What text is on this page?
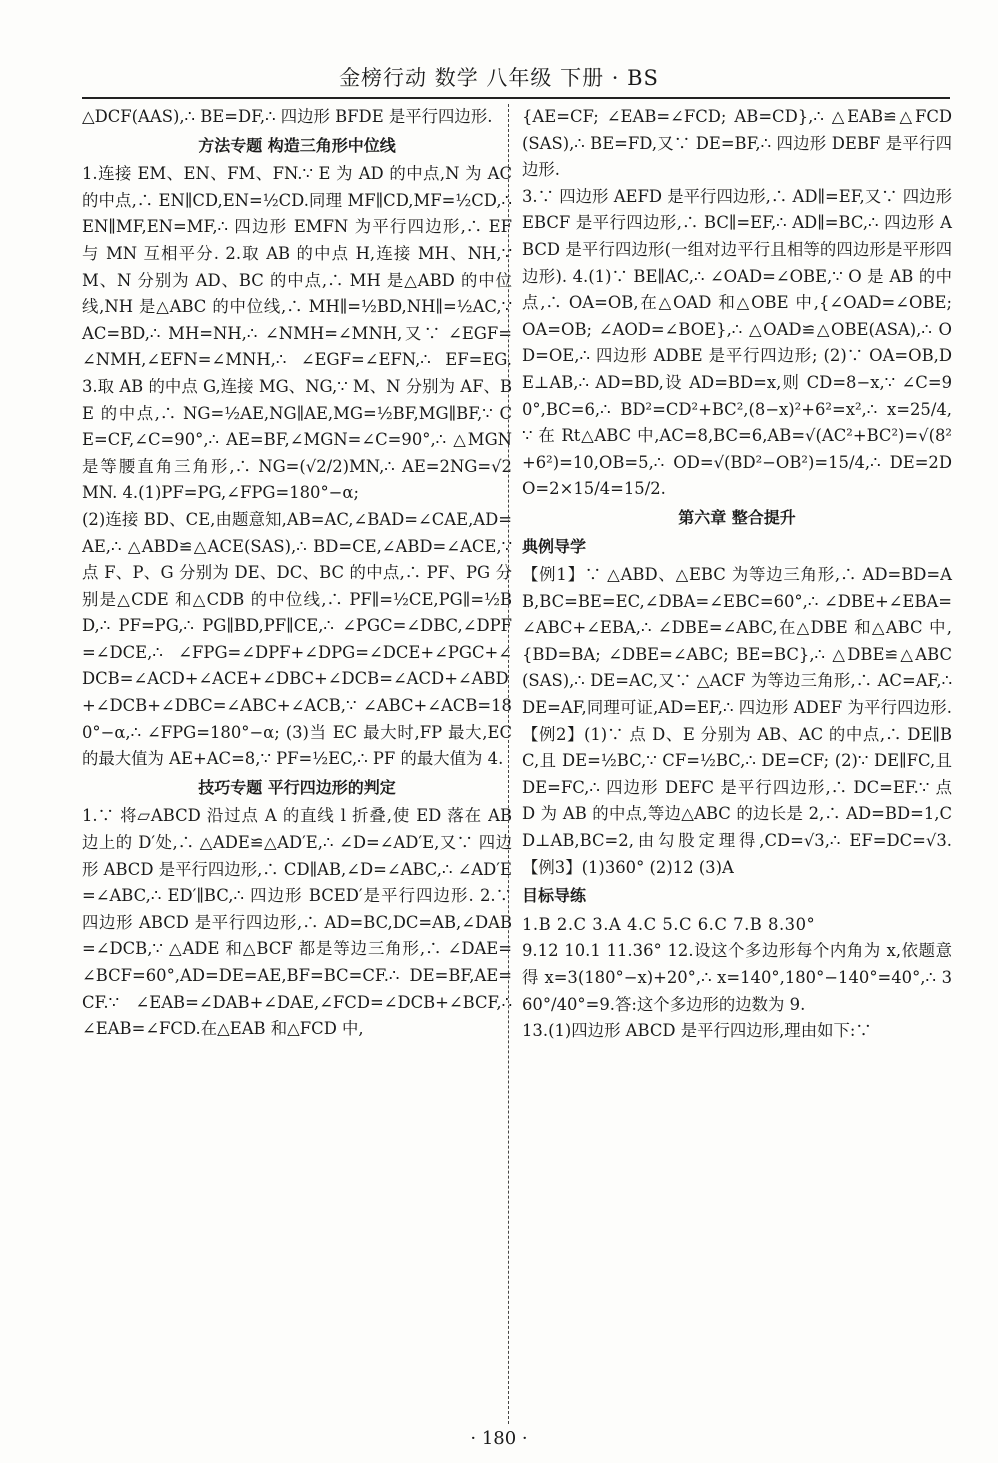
金榜行动 数学 八年级 下册 · BS

△DCF(AAS),∴ BE=DF,∴ 四边形 BFDE 是平行四边形.

方法专题 构造三角形中位线

1.连接 EM、EN、FM、FN.∵ E 为 AD 的中点,N 为 AC 的中点,∴ EN∥CD,EN=½CD.同理 MF∥CD,MF=½CD,∴ EN∥MF,EN=MF,∴ 四边形 EMFN 为平行四边形,∴ EF 与 MN 互相平分. 2.取 AB 的中点 H,连接 MH、NH,∵ M、N 分别为 AD、BC 的中点,∴ MH 是△ABD 的中位线,NH 是△ABC 的中位线,∴ MH∥=½BD,NH∥=½AC,∵ AC=BD,∴ MH=NH,∴ ∠NMH=∠MNH,又∵ ∠EGF=∠NMH,∠EFN=∠MNH,∴ ∠EGF=∠EFN,∴ EF=EG. 3.取 AB 的中点 G,连接 MG、NG,∵ M、N 分别为 AF、BE 的中点,∴ NG=½AE,NG∥AE,MG=½BF,MG∥BF,∵ CE=CF,∠C=90°,∴ AE=BF,∠MGN=∠C=90°,∴ △MGN 是等腰直角三角形,∴ NG=(√2/2)MN,∴ AE=2NG=√2 MN. 4.(1)PF=PG,∠FPG=180°−α;

(2)连接 BD、CE,由题意知,AB=AC,∠BAD=∠CAE,AD=AE,∴ △ABD≌△ACE(SAS),∴ BD=CE,∠ABD=∠ACE,∵ 点 F、P、G 分别为 DE、DC、BC 的中点,∴ PF、PG 分别是△CDE 和△CDB 的中位线,∴ PF∥=½CE,PG∥=½BD,∴ PF=PG,∴ PG∥BD,PF∥CE,∴ ∠PGC=∠DBC,∠DPF=∠DCE,∴ ∠FPG=∠DPF+∠DPG=∠DCE+∠PGC+∠DCB=∠ACD+∠ACE+∠DBC+∠DCB=∠ACD+∠ABD+∠DCB+∠DBC=∠ABC+∠ACB,∵ ∠ABC+∠ACB=180°−α,∴ ∠FPG=180°−α; (3)当 EC 最大时,FP 最大,EC 的最大值为 AE+AC=8,∵ PF=½EC,∴ PF 的最大值为 4.

技巧专题 平行四边形的判定

1.∵ 将▱ABCD 沿过点 A 的直线 l 折叠,使 ED 落在 AB 边上的 D′处,∴ △ADE≌△AD′E,∴ ∠D=∠AD′E,又∵ 四边形 ABCD 是平行四边形,∴ CD∥AB,∠D=∠ABC,∴ ∠AD′E=∠ABC,∴ ED′∥BC,∴ 四边形 BCED′是平行四边形. 2.∵ 四边形 ABCD 是平行四边形,∴ AD=BC,DC=AB,∠DAB=∠DCB,∵ △ADE 和△BCF 都是等边三角形,∴ ∠DAE=∠BCF=60°,AD=DE=AE,BF=BC=CF.∴ DE=BF,AE=CF.∵ ∠EAB=∠DAB+∠DAE,∠FCD=∠DCB+∠BCF,∴ ∠EAB=∠FCD.在△EAB 和△FCD 中,

{AE=CF; ∠EAB=∠FCD; AB=CD},∴ △EAB≌△FCD(SAS),∴ BE=FD,又∵ DE=BF,∴ 四边形 DEBF 是平行四边形.

3.∵ 四边形 AEFD 是平行四边形,∴ AD∥=EF,又∵ 四边形 EBCF 是平行四边形,∴ BC∥=EF,∴ AD∥=BC,∴ 四边形 ABCD 是平行四边形(一组对边平行且相等的四边形是平形四边形). 4.(1)∵ BE∥AC,∴ ∠OAD=∠OBE,∵ O 是 AB 的中点,∴ OA=OB,在△OAD 和△OBE 中,{∠OAD=∠OBE; OA=OB; ∠AOD=∠BOE},∴ △OAD≌△OBE(ASA),∴ OD=OE,∴ 四边形 ADBE 是平行四边形; (2)∵ OA=OB,DE⊥AB,∴ AD=BD,设 AD=BD=x,则 CD=8−x,∵ ∠C=90°,BC=6,∴ BD²=CD²+BC²,(8−x)²+6²=x²,∴ x=25/4,∵ 在 Rt△ABC 中,AC=8,BC=6,AB=√(AC²+BC²)=√(8²+6²)=10,OB=5,∴ OD=√(BD²−OB²)=15/4,∴ DE=2DO=2×15/4=15/2.

第六章 整合提升

典例导学

【例1】∵ △ABD、△EBC 为等边三角形,∴ AD=BD=AB,BC=BE=EC,∠DBA=∠EBC=60°,∴ ∠DBE+∠EBA=∠ABC+∠EBA,∴ ∠DBE=∠ABC,在△DBE 和△ABC 中,{BD=BA; ∠DBE=∠ABC; BE=BC},∴ △DBE≌△ABC(SAS),∴ DE=AC,又∵ △ACF 为等边三角形,∴ AC=AF,∴ DE=AF,同理可证,AD=EF,∴ 四边形 ADEF 为平行四边形. 【例2】(1)∵ 点 D、E 分别为 AB、AC 的中点,∴ DE∥BC,且 DE=½BC,∵ CF=½BC,∴ DE=CF; (2)∵ DE∥FC,且 DE=FC,∴ 四边形 DEFC 是平行四边形,∴ DC=EF.∵ 点 D 为 AB 的中点,等边△ABC 的边长是 2,∴ AD=BD=1,CD⊥AB,BC=2,由勾股定理得,CD=√3,∴ EF=DC=√3. 【例3】(1)360° (2)12 (3)A

目标导练

1.B 2.C 3.A 4.C 5.C 6.C 7.B 8.30°

9.12 10.1 11.36° 12.设这个多边形每个内角为 x,依题意得 x=3(180°−x)+20°,∴ x=140°,180°−140°=40°,∴ 360°/40°=9.答:这个多边形的边数为 9.

13.(1)四边形 ABCD 是平行四边形,理由如下:∵

· 180 ·
